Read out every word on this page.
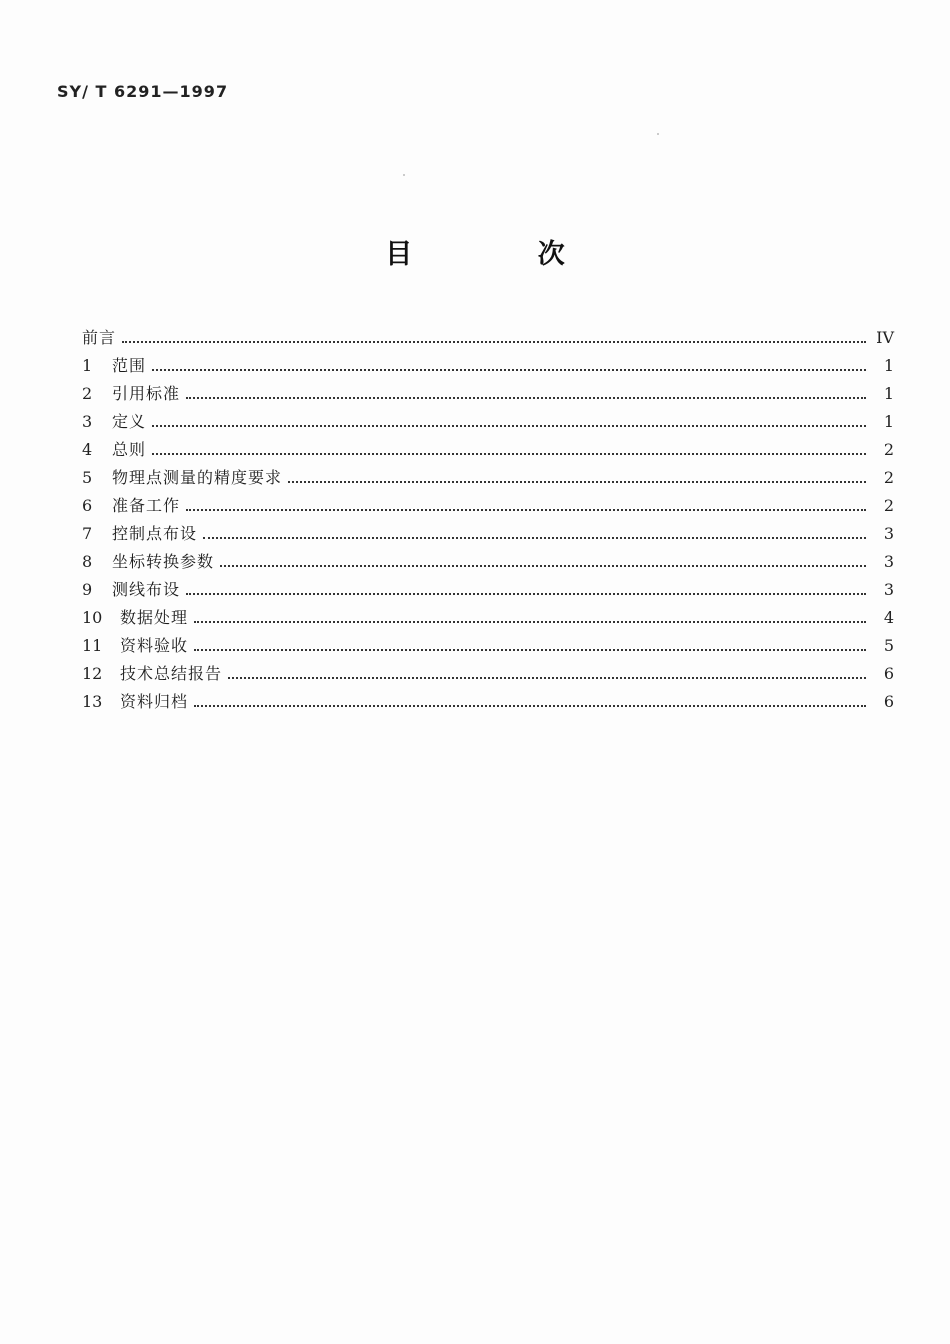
SY/ T 6291—1997
目 次
前言	IV
1	范围	1
2	引用标准	1
3	定义	1
4	总则	2
5	物理点测量的精度要求	2
6	准备工作	2
7	控制点布设	3
8	坐标转换参数	3
9	测线布设	3
10	数据处理	4
11	资料验收	5
12	技术总结报告	6
13	资料归档	6
